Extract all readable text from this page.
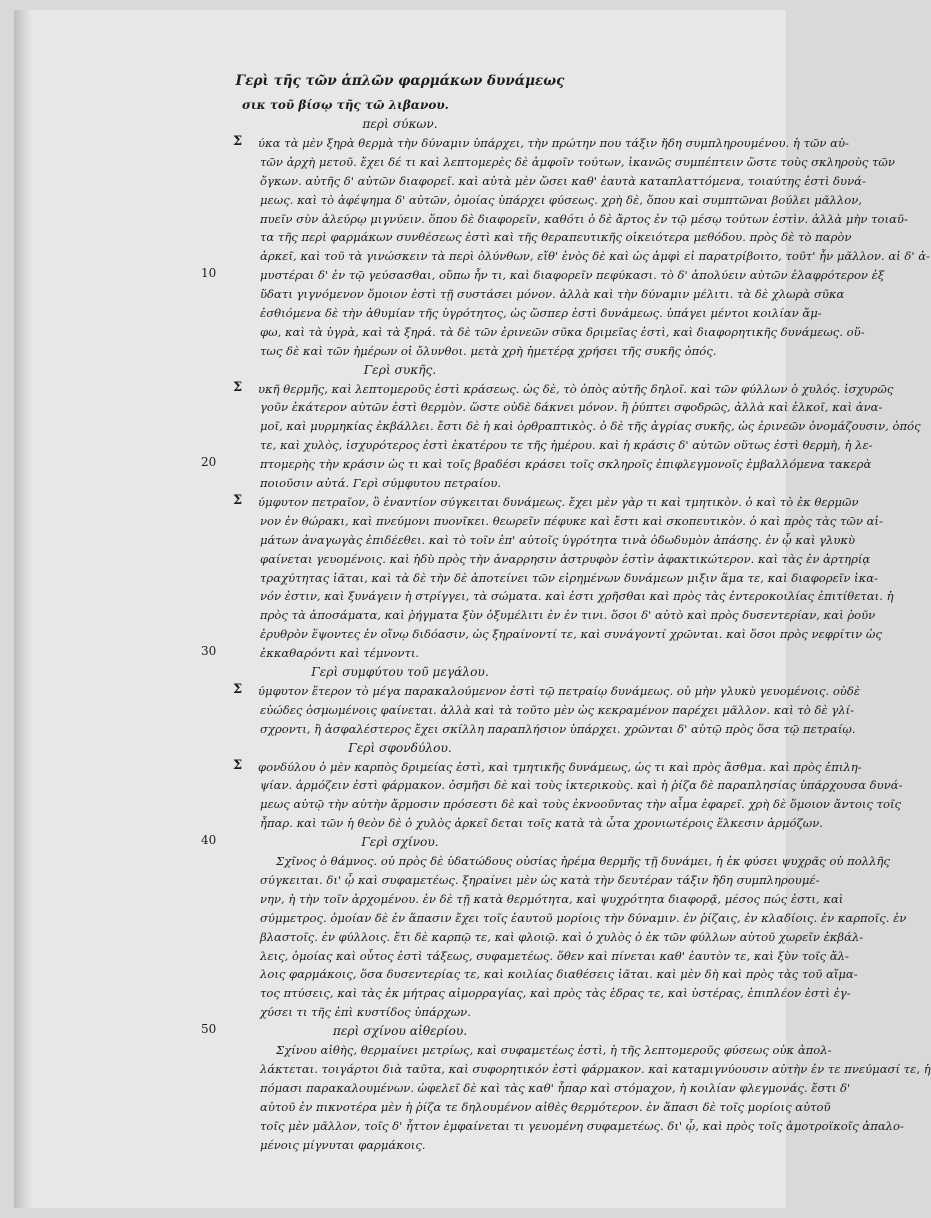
Γερὶ τῆς τῶν ἁπλῶν φαρμάκων δυνάμεως
σικ τοῦ βίσῳ τῆς τῶ λιβανου.
περὶ σύκων.
ύκα τὰ μὲν ξηρὰ θερμὰ τὴν δύναμιν ὑπάρχει, τὴν πρώτην που τάξιν ἤδη συμπληρουμένου. ἡ τῶν αὐ-
Σ
τῶν ἀρχὴ μετοῦ. ἔχει δέ τι καὶ λεπτομερὲς δὲ ἀμφοῖν τούτων, ἱκανῶς συμπέπτειν ὥστε τοὺς σκληροὺς τῶν
ὄγκων. αὐτῆς δ' αὐτῶν διαφορεῖ. καὶ αὐτὰ μὲν ὥσει καθ' ἑαυτὰ καταπλαττόμενα, τοιαύτης ἐστὶ δυνά-
μεως. καὶ τὸ ἀφέψημα δ' αὐτῶν, ὁμοίας ὑπάρχει φύσεως. χρὴ δὲ, ὅπου καὶ συμπτῶναι βούλει μᾶλλον,
πυεῖν σὺν ἀλεύρῳ μιγνύειν. ὅπου δὲ διαφορεῖν, καθότι ὁ δὲ ἄρτος ἐν τῷ μέσῳ τούτων ἐστὶν. ἀλλὰ μὴν τοιαῦ-
τα τῆς περὶ φαρμάκων συνθέσεως ἐστὶ καὶ τῆς θεραπευτικῆς οἰκειότερα μεθόδου. πρὸς δὲ τὸ παρὸν
ἀρκεῖ, καὶ τοῦ τὰ γινώσκειν τὰ περὶ ὀλύνθων, εἴθ' ἑνὸς δὲ καὶ ὡς ἀμφὶ εἰ παρατρίβοιτο, τοῦτ' ἦν μᾶλλον. αἱ δ' ἀ-
μυστέραι δ' ἐν τῷ γεύσασθαι, οὔπω ἦν τι, καὶ διαφορεῖν πεφύκασι. τὸ δ' ἀπολύειν αὐτῶν ἐλαφρότερον ἐξ
10
ὕδατι γιγνόμενον ὅμοιον ἐστὶ τῇ συστάσει μόνον. ἀλλὰ καὶ τὴν δύναμιν μέλιτι. τὰ δὲ χλωρὰ σῦκα
ἐσθιόμενα δὲ τὴν ἀθυμίαν τῆς ὑγρότητος, ὡς ὥσπερ ἐστὶ δυνάμεως. ὑπάγει μέντοι κοιλίαν ἄμ-
φω, καὶ τὰ ὑγρὰ, καὶ τὰ ξηρά. τὰ δὲ τῶν ἐρινεῶν σῦκα δριμεῖας ἐστὶ, καὶ διαφορητικῆς δυνάμεως. οὕ-
τως δὲ καὶ τῶν ἡμέρων οἱ ὄλυνθοι. μετὰ χρὴ ἡμετέρᾳ χρήσει τῆς συκῆς ὀπός.
Γερὶ συκῆς.
υκῆ θερμῆς, καὶ λεπτομεροῦς ἐστὶ κράσεως. ὡς δὲ, τὸ ὀπὸς αὐτῆς δηλοῖ. καὶ τῶν φύλλων ὁ χυλός. ἰσχυρῶς
Σ
γοῦν ἐκάτερον αὐτῶν ἐστὶ θερμὸν. ὥστε οὐδὲ δάκνει μόνον. ἢ ῥύπτει σφοδρῶς, ἀλλὰ καὶ ἑλκοῖ, καὶ ἀνα-
μοῖ, καὶ μυρμηκίας ἐκβάλλει. ἔστι δὲ ἡ καὶ ὀρθραπτικὸς. ὁ δὲ τῆς ἀγρίας συκῆς, ὡς ἐρινεῶν ὀνομάζουσιν, ὀπός
τε, καὶ χυλὸς, ἰσχυρότερος ἐστὶ ἑκατέρου τε τῆς ἡμέρου. καὶ ἡ κράσις δ' αὐτῶν οὕτως ἐστὶ θερμὴ, ἡ λε-
πτομερὴς τὴν κράσιν ὡς τι καὶ τοῖς βραδέσι κράσει τοῖς σκληροῖς ἐπιφλεγμονοῖς ἐμβαλλόμενα τακερὰ
20
ποιοῦσιν αὐτά. Γερὶ σύμφυτου πετραίου.
ύμφυτον πετραῖον, ὃ ἐναντίον σύγκειται δυνάμεως. ἔχει μὲν γὰρ τι καὶ τμητικὸν. ὁ καὶ τὸ ἐκ θερμῶν
Σ
νον ἐν θώρακι, καὶ πνεύμονι πυονῖκει. θεωρεῖν πέφυκε καὶ ἔστι καὶ σκοπευτικὸν. ὁ καὶ πρὸς τὰς τῶν αἱ-
μάτων ἀναγωγὰς ἐπιδέεθει. καὶ τὸ τοῖν ἐπ' αὐτοῖς ὑγρότητα τινὰ ὀδωδυμὸν ἀπάσης. ἐν ᾧ καὶ γλυκὺ
φαίνεται γευομένοις. καὶ ἡδὺ πρὸς τὴν ἀναρρησιν ἀστρυφὸν ἐστὶν ἀφακτικώτερον. καὶ τὰς ἐν ἀρτηρίᾳ
τραχύτητας ἰᾶται, καὶ τὰ δὲ τὴν δὲ ἀποτείνει τῶν εἰρημένων δυνάμεων μιξιν ἅμα τε, καὶ διαφορεῖν ἱκα-
νόν ἐστιν, καὶ ξυνάγειν ἡ στρίγγει, τὰ σώματα. καὶ ἐστι χρῆσθαι καὶ πρὸς τὰς ἐντεροκοιλίας ἐπιτίθεται. ἡ
πρὸς τὰ ἀποσάματα, καὶ ῥήγματα ξὺν ὀξυμέλιτι ἐν ἐν τινι. ὅσοι δ' αὐτὸ καὶ πρὸς δυσεντερίαν, καὶ ῥοῦν
ἐρυθρὸν ἕψοντες ἐν οἴνῳ διδόασιν, ὡς ξηραίνοντί τε, καὶ συνάγοντί χρῶνται. καὶ ὅσοι πρὸς νεφρίτιν ὡς
ἐκκαθαρόντι καὶ τέμνοντι.
30
Γερὶ συμφύτου τοῦ μεγάλου.
ύμφυτον ἕτερον τὸ μέγα παρακαλούμενον ἐστὶ τῷ πετραίῳ δυνάμεως. οὐ μὴν γλυκὺ γευομένοις. οὐδὲ
Σ
εὐώδες ὀσμωμένοις φαίνεται. ἀλλὰ καὶ τὰ τοῦτο μὲν ὡς κεκραμένον παρέχει μᾶλλον. καὶ τὸ δὲ γλί-
σχροντι, ἢ ἀσφαλέστερος ἔχει σκίλλη παραπλήσιον ὑπάρχει. χρῶνται δ' αὐτῷ πρὸς ὅσα τῷ πετραίῳ.
Γερὶ σφονδύλου.
φονδύλου ὁ μὲν καρπὸς δριμείας ἐστὶ, καὶ τμητικῆς δυνάμεως, ὡς τι καὶ πρὸς ἄσθμα. καὶ πρὸς ἐπιλη-
Σ
ψίαν. ἁρμόζειν ἐστὶ φάρμακον. ὀσμῆσι δὲ καὶ τοὺς ἰκτερικοὺς. καὶ ἡ ῥίζα δὲ παραπλησίας ὑπάρχουσα δυνά-
μεως αὐτῷ τὴν αὐτὴν ἄρμοσιν πρόσεστι δὲ καὶ τοὺς ἐκνοοῦντας τὴν αἷμα ἐφαρεῖ. χρὴ δὲ ὅμοιον ἄντοις τοῖς
ἦπαρ. καὶ τῶν ἡ θεὸν δὲ ὁ χυλὸς ἀρκεῖ δεται τοῖς κατὰ τὰ ὦτα χρονιωτέροις ἕλκεσιν ἁρμόζων.
Γερὶ σχίνου.
40
Σχῖνος ὁ θάμνος. οὐ πρὸς δὲ ὑδατώδους οὐσίας ἠρέμα θερμῆς τῇ δυνάμει, ἡ ἐκ φύσει ψυχρᾶς οὐ πολλῆς
σύγκειται. δι' ᾧ καὶ συφαμετέως. ξηραίνει μὲν ὡς κατὰ τὴν δευτέραν τάξιν ἤδη συμπληρουμέ-
νην, ἡ τὴν τοῖν ἀρχομένου. ἐν δὲ τῇ κατὰ θερμότητα, καὶ ψυχρότητα διαφορᾷ, μέσος πώς ἐστι, καὶ
σύμμετρος. ὁμοίαν δὲ ἐν ἅπασιν ἔχει τοῖς ἑαυτοῦ μορίοις τὴν δύναμιν. ἐν ῥίζαις, ἐν κλαδίοις. ἐν καρποῖς. ἐν
βλαστοῖς. ἐν φύλλοις. ἔτι δὲ καρπῷ τε, καὶ φλοιῷ. καὶ ὁ χυλὸς ὁ ἐκ τῶν φύλλων αὐτοῦ χωρεῖν ἐκβάλ-
λεις, ὁμοίας καὶ οὗτος ἐστὶ τάξεως, συφαμετέως. ὅθεν καὶ πίνεται καθ' ἑαυτὸν τε, καὶ ξὺν τοῖς ἄλ-
λοις φαρμάκοις, ὅσα δυσεντερίας τε, καὶ κοιλίας διαθέσεις ἰᾶται. καὶ μὲν δὴ καὶ πρὸς τὰς τοῦ αἵμα-
τος πτύσεις, καὶ τὰς ἐκ μήτρας αἱμορραγίας, καὶ πρὸς τὰς ἑδρας τε, καὶ ὑστέρας, ἐπιπλέον ἐστὶ ἐγ-
χύσει τι τῆς ἐπὶ κυστίδος ὑπάρχων.
περὶ σχίνου αἰθερίου.
50
Σχίνου αἰθὴς, θερμαίνει μετρίως, καὶ συφαμετέως ἐστὶ, ἡ τῆς λεπτομεροῦς φύσεως οὐκ ἀπολ-
λάκτεται. τοιγάρτοι διὰ ταῦτα, καὶ συφορητικόν ἐστὶ φάρμακον. καὶ καταμιγνύουσιν αὐτὴν ἐν τε πνεύμασί τε, ἡ
πόμασι παρακαλουμένων. ὠφελεῖ δὲ καὶ τὰς καθ' ἧπαρ καὶ στόμαχον, ἡ κοιλίαν φλεγμονάς. ἔστι δ'
αὐτοῦ ἐν πικνοτέρα μὲν ἡ ῥίζα τε δηλουμένον αἰθὲς θερμότερον. ἐν ἅπασι δὲ τοῖς μορίοις αὐτοῦ
τοῖς μὲν μᾶλλον, τοῖς δ' ἧττον ἐμφαίνεται τι γευομένη συφαμετέως. δι' ᾧ, καὶ πρὸς τοῖς ἀμοτροϊκοῖς ἁπαλο-
μένοις μίγνυται φαρμάκοις.
